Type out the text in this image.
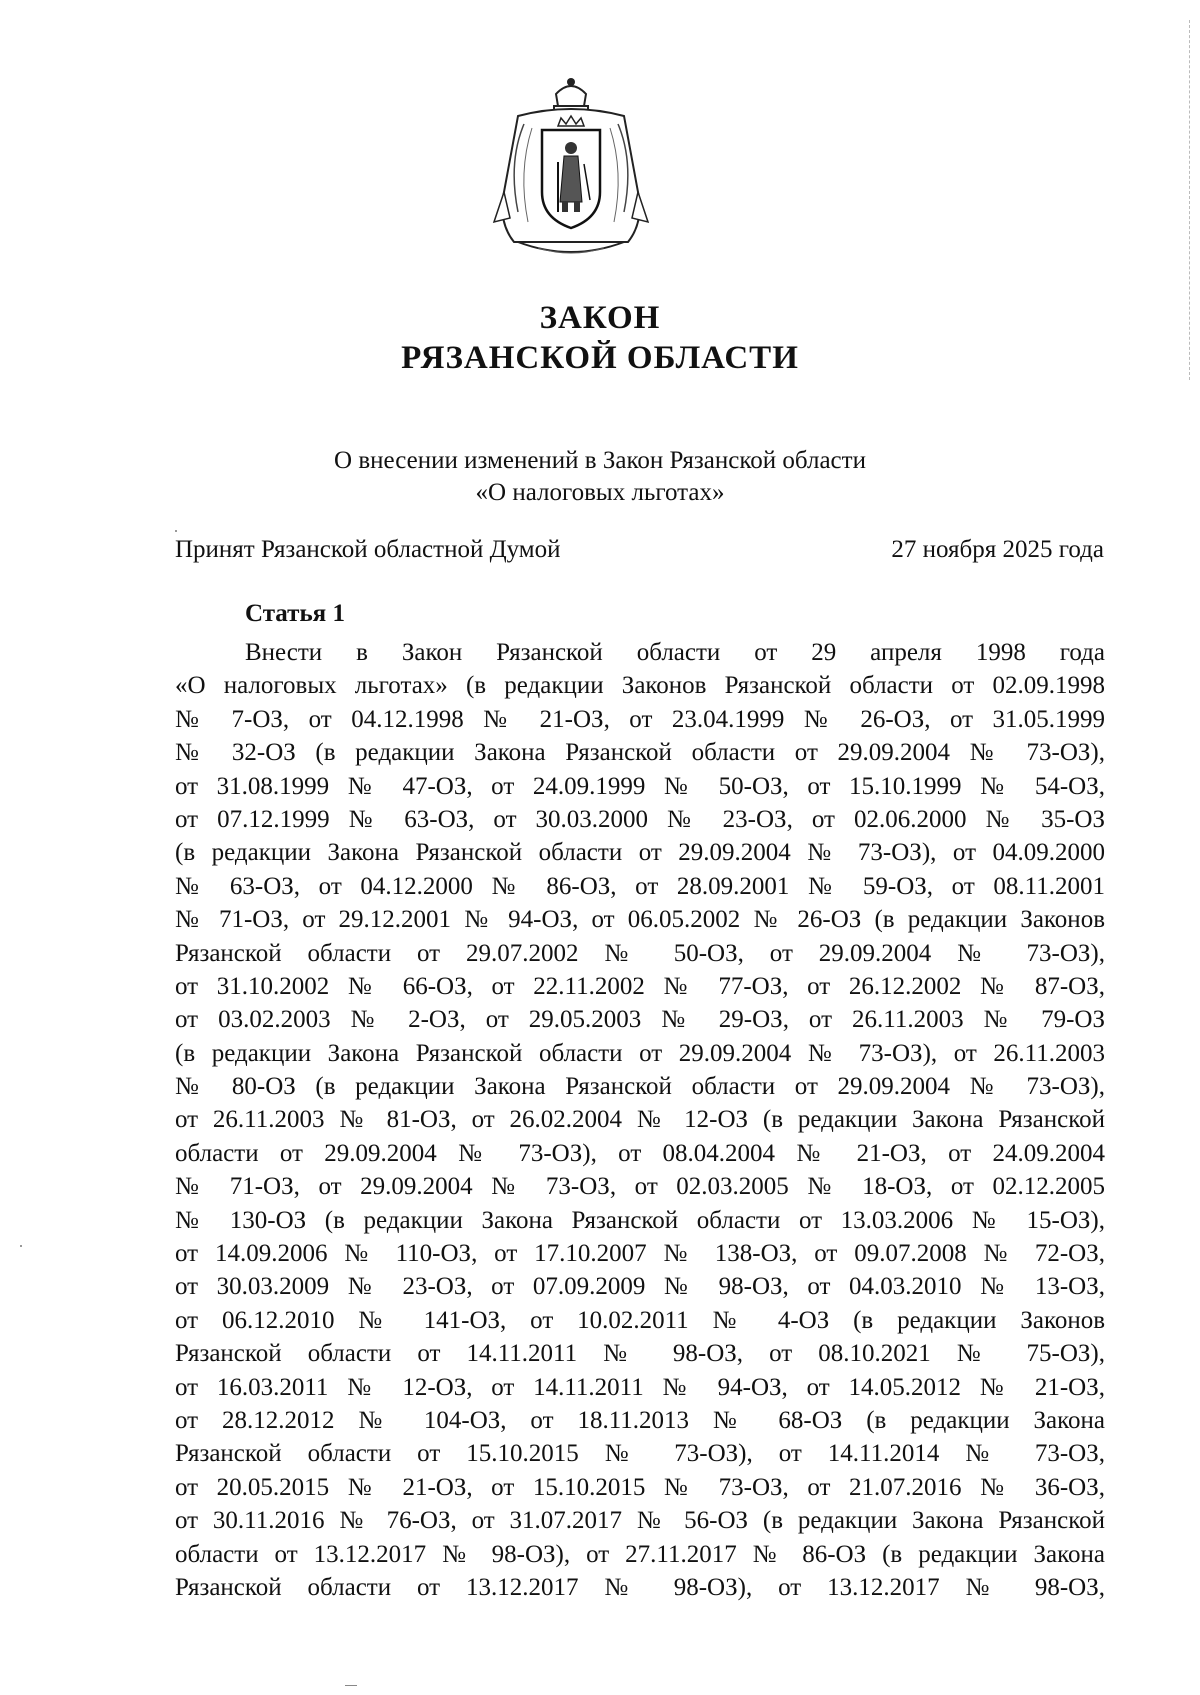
ЗАКОН
РЯЗАНСКОЙ ОБЛАСТИ

О внесении изменений в Закон Рязанской области

«О налоговых льготах»

Принят Рязанской областной Думой	27 ноября 2025 года
Статья 1
Внести в Закон Рязанской области от 29 апреля 1998 года
«О налоговых льготах» (в редакции Законов Рязанской области от 02.09.1998
№ 7-ОЗ, от 04.12.1998 № 21-ОЗ, от 23.04.1999 № 26-ОЗ, от 31.05.1999
№ 32-ОЗ (в редакции Закона Рязанской области от 29.09.2004 № 73-ОЗ),
от 31.08.1999 № 47-ОЗ, от 24.09.1999 № 50-ОЗ, от 15.10.1999 № 54-ОЗ,
от 07.12.1999 № 63-ОЗ, от 30.03.2000 № 23-ОЗ, от 02.06.2000 № 35-ОЗ
(в редакции Закона Рязанской области от 29.09.2004 № 73-ОЗ), от 04.09.2000
№ 63-ОЗ, от 04.12.2000 № 86-ОЗ, от 28.09.2001 № 59-ОЗ, от 08.11.2001
№ 71-ОЗ, от 29.12.2001 № 94-ОЗ, от 06.05.2002 № 26-ОЗ (в редакции Законов
Рязанской области от 29.07.2002 № 50-ОЗ, от 29.09.2004 № 73-ОЗ),
от 31.10.2002 № 66-ОЗ, от 22.11.2002 № 77-ОЗ, от 26.12.2002 № 87-ОЗ,
от 03.02.2003 № 2-ОЗ, от 29.05.2003 № 29-ОЗ, от 26.11.2003 № 79-ОЗ
(в редакции Закона Рязанской области от 29.09.2004 № 73-ОЗ), от 26.11.2003
№ 80-ОЗ (в редакции Закона Рязанской области от 29.09.2004 № 73-ОЗ),
от 26.11.2003 № 81-ОЗ, от 26.02.2004 № 12-ОЗ (в редакции Закона Рязанской
области от 29.09.2004 № 73-ОЗ), от 08.04.2004 № 21-ОЗ, от 24.09.2004
№ 71-ОЗ, от 29.09.2004 № 73-ОЗ, от 02.03.2005 № 18-ОЗ, от 02.12.2005
№ 130-ОЗ (в редакции Закона Рязанской области от 13.03.2006 № 15-ОЗ),
от 14.09.2006 № 110-ОЗ, от 17.10.2007 № 138-ОЗ, от 09.07.2008 № 72-ОЗ,
от 30.03.2009 № 23-ОЗ, от 07.09.2009 № 98-ОЗ, от 04.03.2010 № 13-ОЗ,
от 06.12.2010 № 141-ОЗ, от 10.02.2011 № 4-ОЗ (в редакции Законов
Рязанской области от 14.11.2011 № 98-ОЗ, от 08.10.2021 № 75-ОЗ),
от 16.03.2011 № 12-ОЗ, от 14.11.2011 № 94-ОЗ, от 14.05.2012 № 21-ОЗ,
от 28.12.2012 № 104-ОЗ, от 18.11.2013 № 68-ОЗ (в редакции Закона
Рязанской области от 15.10.2015 № 73-ОЗ), от 14.11.2014 № 73-ОЗ,
от 20.05.2015 № 21-ОЗ, от 15.10.2015 № 73-ОЗ, от 21.07.2016 № 36-ОЗ,
от 30.11.2016 № 76-ОЗ, от 31.07.2017 № 56-ОЗ (в редакции Закона Рязанской
области от 13.12.2017 № 98-ОЗ), от 27.11.2017 № 86-ОЗ (в редакции Закона
Рязанской области от 13.12.2017 № 98-ОЗ), от 13.12.2017 № 98-ОЗ,
